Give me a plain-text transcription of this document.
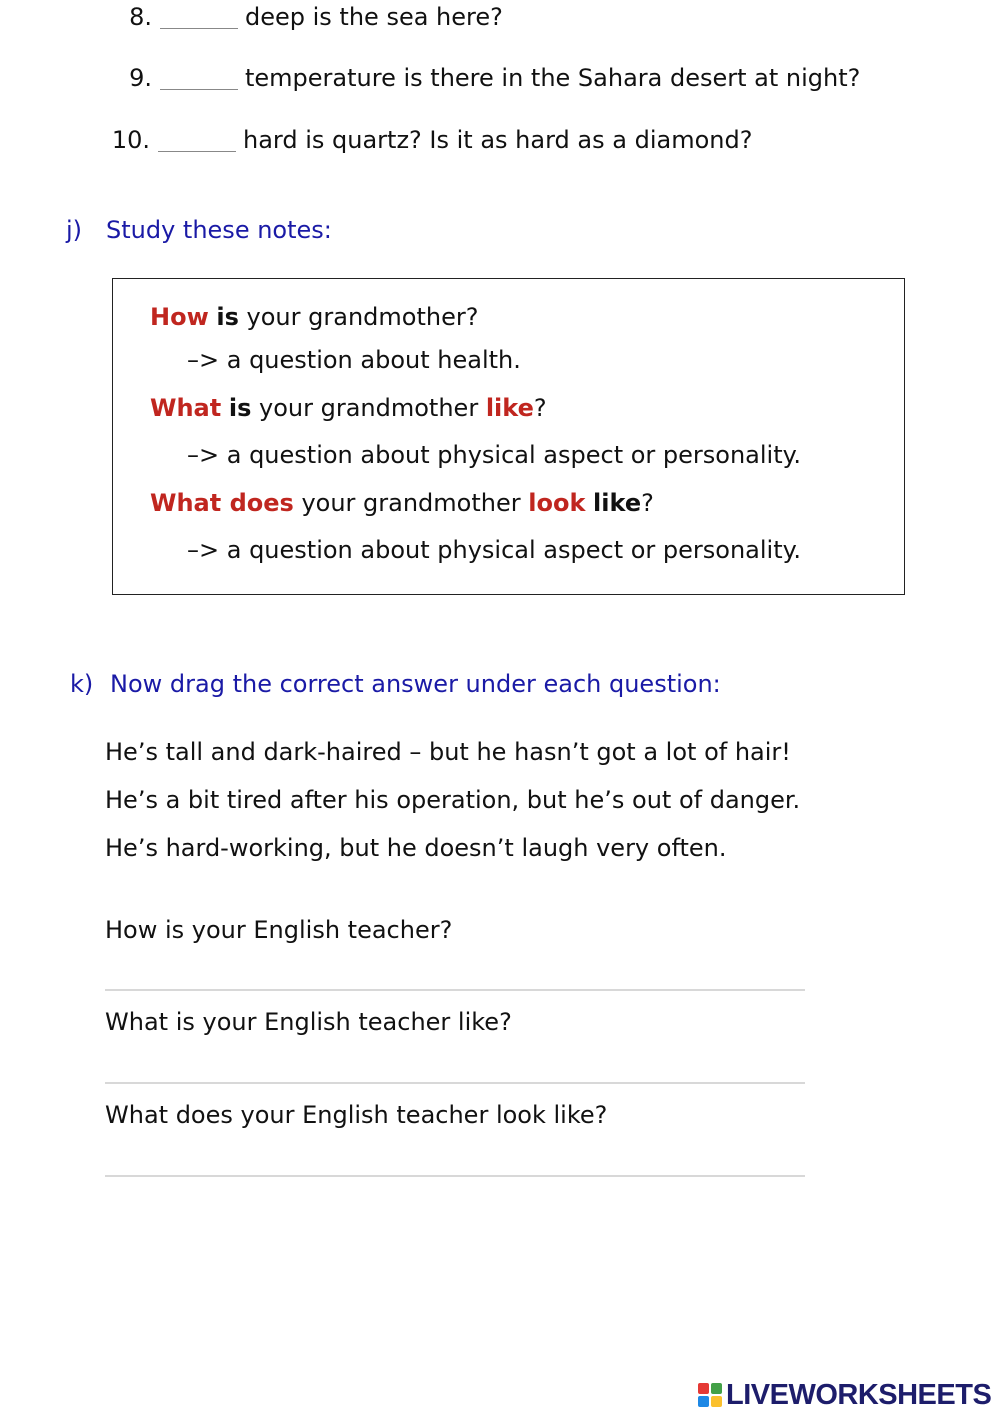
8.	deep is the sea here?
9.	temperature is there in the Sahara desert at night?
10.	hard is quartz? Is it as hard as a diamond?
j) Study these notes:
How is your grandmother?
–> a question about health.
What is your grandmother like?
–> a question about physical aspect or personality.
What does your grandmother look like?
–> a question about physical aspect or personality.
k) Now drag the correct answer under each question:
He’s tall and dark-haired – but he hasn’t got a lot of hair!
He’s a bit tired after his operation, but he’s out of danger.
He’s hard-working, but he doesn’t laugh very often.
How is your English teacher?
What is your English teacher like?
What does your English teacher look like?
LIVEWORKSHEETS
